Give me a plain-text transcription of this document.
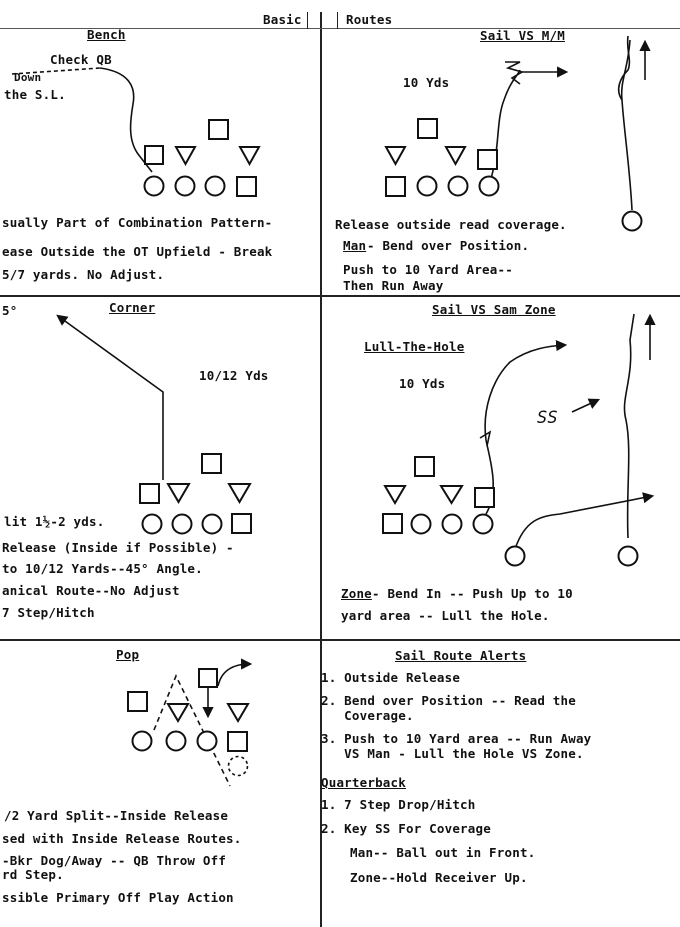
Basic	Routes
Bench
Check QB
Down
the S.L.
sually Part of Combination Pattern-
ease Outside the OT Upfield - Break
5/7 yards. No Adjust.
Sail VS M/M
10 Yds
Release outside read coverage.
Man - Bend over Position.
Push to 10 Yard Area--
Then Run Away
5°	Corner
10/12 Yds
lit 1½-2 yds.
Release (Inside if Possible) -
to 10/12 Yards--45° Angle.
anical Route--No Adjust
7 Step/Hitch
Sail VS Sam Zone
Lull-The-Hole
10 Yds
SS
Zone - Bend In -- Push Up to 10
yard area -- Lull the Hole.
Pop
/2 Yard Split--Inside Release
sed with Inside Release Routes.
-Bkr Dog/Away -- QB Throw Off
rd Step.
ssible Primary Off Play Action
Sail Route Alerts
1. Outside Release
2. Bend over Position -- Read the
Coverage.
3. Push to 10 Yard area -- Run Away
VS Man - Lull the Hole VS Zone.
Quarterback
1. 7 Step Drop/Hitch
2. Key SS For Coverage
Man-- Ball out in Front.
Zone--Hold Receiver Up.
